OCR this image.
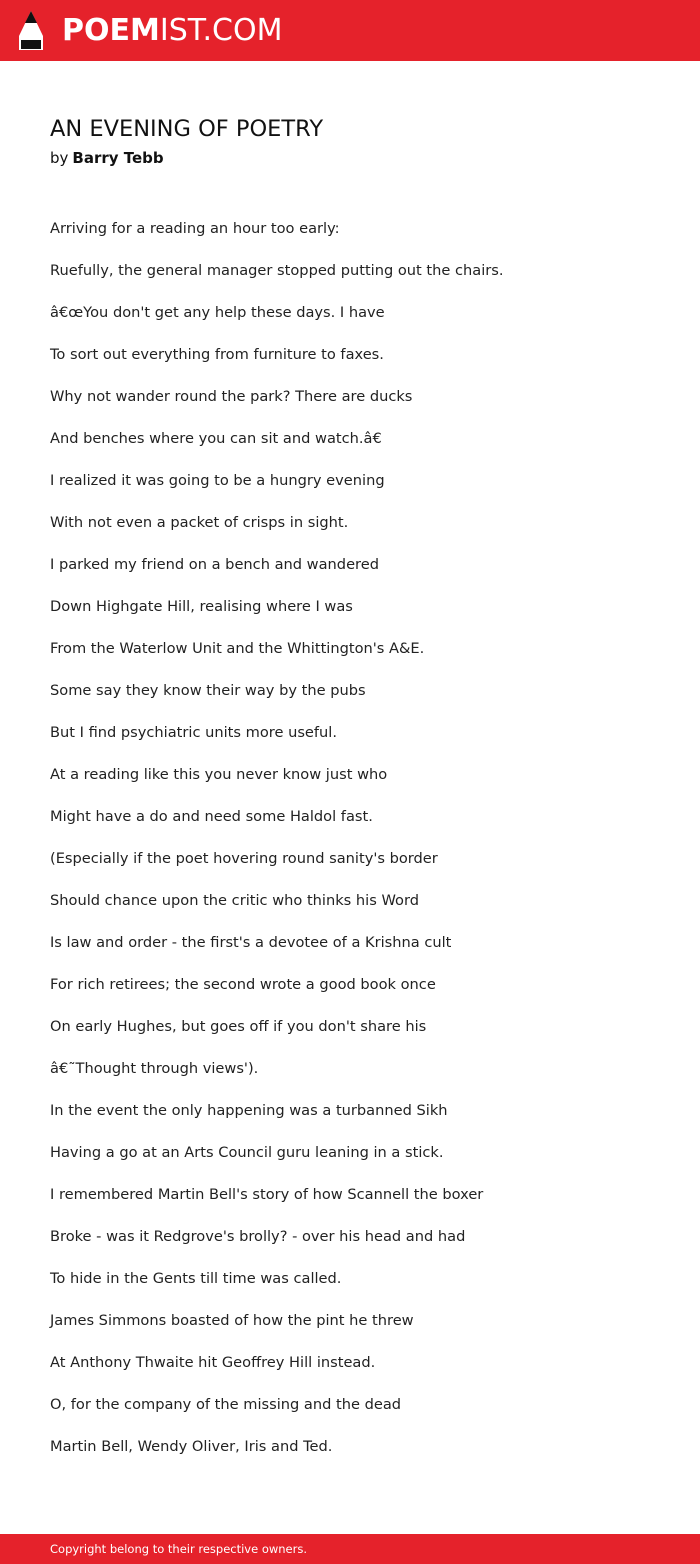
POEMIST.COM
AN EVENING OF POETRY
by Barry Tebb
Arriving for a reading an hour too early:
Ruefully, the general manager stopped putting out the chairs.
â€œYou don't get any help these days. I have
To sort out everything from furniture to faxes.
Why not wander round the park? There are ducks
And benches where you can sit and watch.â€
I realized it was going to be a hungry evening
With not even a packet of crisps in sight.
I parked my friend on a bench and wandered
Down Highgate Hill, realising where I was
From the Waterlow Unit and the Whittington's A&E.
Some say they know their way by the pubs
But I find psychiatric units more useful.
At a reading like this you never know just who
Might have a do and need some Haldol fast.
(Especially if the poet hovering round sanity's border
Should chance upon the critic who thinks his Word
Is law and order - the first's a devotee of a Krishna cult
For rich retirees; the second wrote a good book once
On early Hughes, but goes off if you don't share his
â€˜Thought through views').
In the event the only happening was a turbanned Sikh
Having a go at an Arts Council guru leaning in a stick.
I remembered Martin Bell's story of how Scannell the boxer
Broke - was it Redgrove's brolly? - over his head and had
To hide in the Gents till time was called.
James Simmons boasted of how the pint he threw
At Anthony Thwaite hit Geoffrey Hill instead.
O, for the company of the missing and the dead
Martin Bell, Wendy Oliver, Iris and Ted.
Copyright belong to their respective owners.
